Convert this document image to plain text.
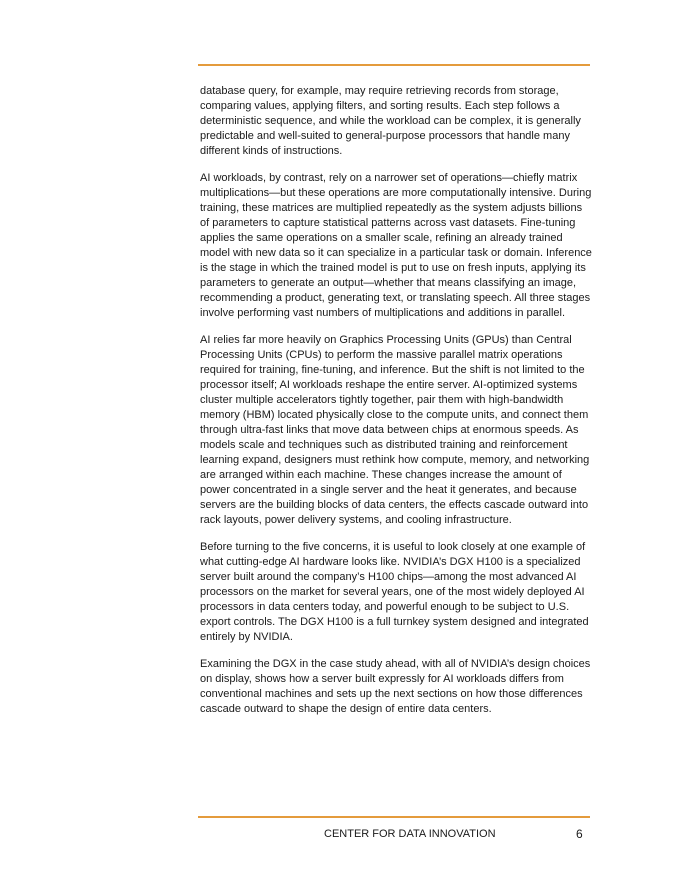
database query, for example, may require retrieving records from storage, comparing values, applying filters, and sorting results. Each step follows a deterministic sequence, and while the workload can be complex, it is generally predictable and well-suited to general-purpose processors that handle many different kinds of instructions.

AI workloads, by contrast, rely on a narrower set of operations—chiefly matrix multiplications—but these operations are more computationally intensive. During training, these matrices are multiplied repeatedly as the system adjusts billions of parameters to capture statistical patterns across vast datasets. Fine-tuning applies the same operations on a smaller scale, refining an already trained model with new data so it can specialize in a particular task or domain. Inference is the stage in which the trained model is put to use on fresh inputs, applying its parameters to generate an output—whether that means classifying an image, recommending a product, generating text, or translating speech. All three stages involve performing vast numbers of multiplications and additions in parallel.

AI relies far more heavily on Graphics Processing Units (GPUs) than Central Processing Units (CPUs) to perform the massive parallel matrix operations required for training, fine-tuning, and inference. But the shift is not limited to the processor itself; AI workloads reshape the entire server. AI-optimized systems cluster multiple accelerators tightly together, pair them with high-bandwidth memory (HBM) located physically close to the compute units, and connect them through ultra-fast links that move data between chips at enormous speeds. As models scale and techniques such as distributed training and reinforcement learning expand, designers must rethink how compute, memory, and networking are arranged within each machine. These changes increase the amount of power concentrated in a single server and the heat it generates, and because servers are the building blocks of data centers, the effects cascade outward into rack layouts, power delivery systems, and cooling infrastructure.

Before turning to the five concerns, it is useful to look closely at one example of what cutting-edge AI hardware looks like. NVIDIA’s DGX H100 is a specialized server built around the company’s H100 chips—among the most advanced AI processors on the market for several years, one of the most widely deployed AI processors in data centers today, and powerful enough to be subject to U.S. export controls. The DGX H100 is a full turnkey system designed and integrated entirely by NVIDIA.

Examining the DGX in the case study ahead, with all of NVIDIA’s design choices on display, shows how a server built expressly for AI workloads differs from conventional machines and sets up the next sections on how those differences cascade outward to shape the design of entire data centers.

CENTER FOR DATA INNOVATION	6
